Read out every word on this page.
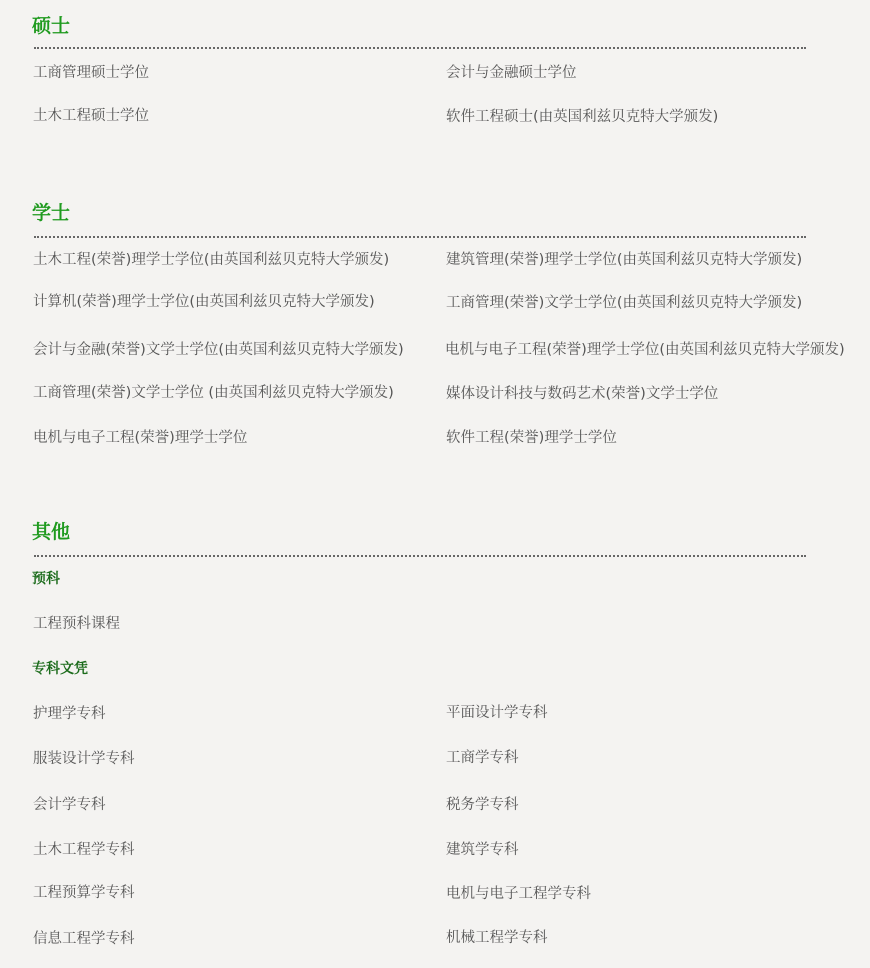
硕士
工商管理硕士学位	会计与金融硕士学位
土木工程硕士学位	软件工程硕士(由英国利兹贝克特大学颁发)
学士
土木工程(荣誉)理学士学位(由英国利兹贝克特大学颁发)	建筑管理(荣誉)理学士学位(由英国利兹贝克特大学颁发)
计算机(荣誉)理学士学位(由英国利兹贝克特大学颁发)	工商管理(荣誉)文学士学位(由英国利兹贝克特大学颁发)
会计与金融(荣誉)文学士学位(由英国利兹贝克特大学颁发)	电机与电子工程(荣誉)理学士学位(由英国利兹贝克特大学颁发)
工商管理(荣誉)文学士学位 (由英国利兹贝克特大学颁发)	媒体设计科技与数码艺术(荣誉)文学士学位
电机与电子工程(荣誉)理学士学位	软件工程(荣誉)理学士学位
其他
预科
工程预科课程
专科文凭
护理学专科	平面设计学专科
服装设计学专科	工商学专科
会计学专科	税务学专科
土木工程学专科	建筑学专科
工程预算学专科	电机与电子工程学专科
信息工程学专科	机械工程学专科
